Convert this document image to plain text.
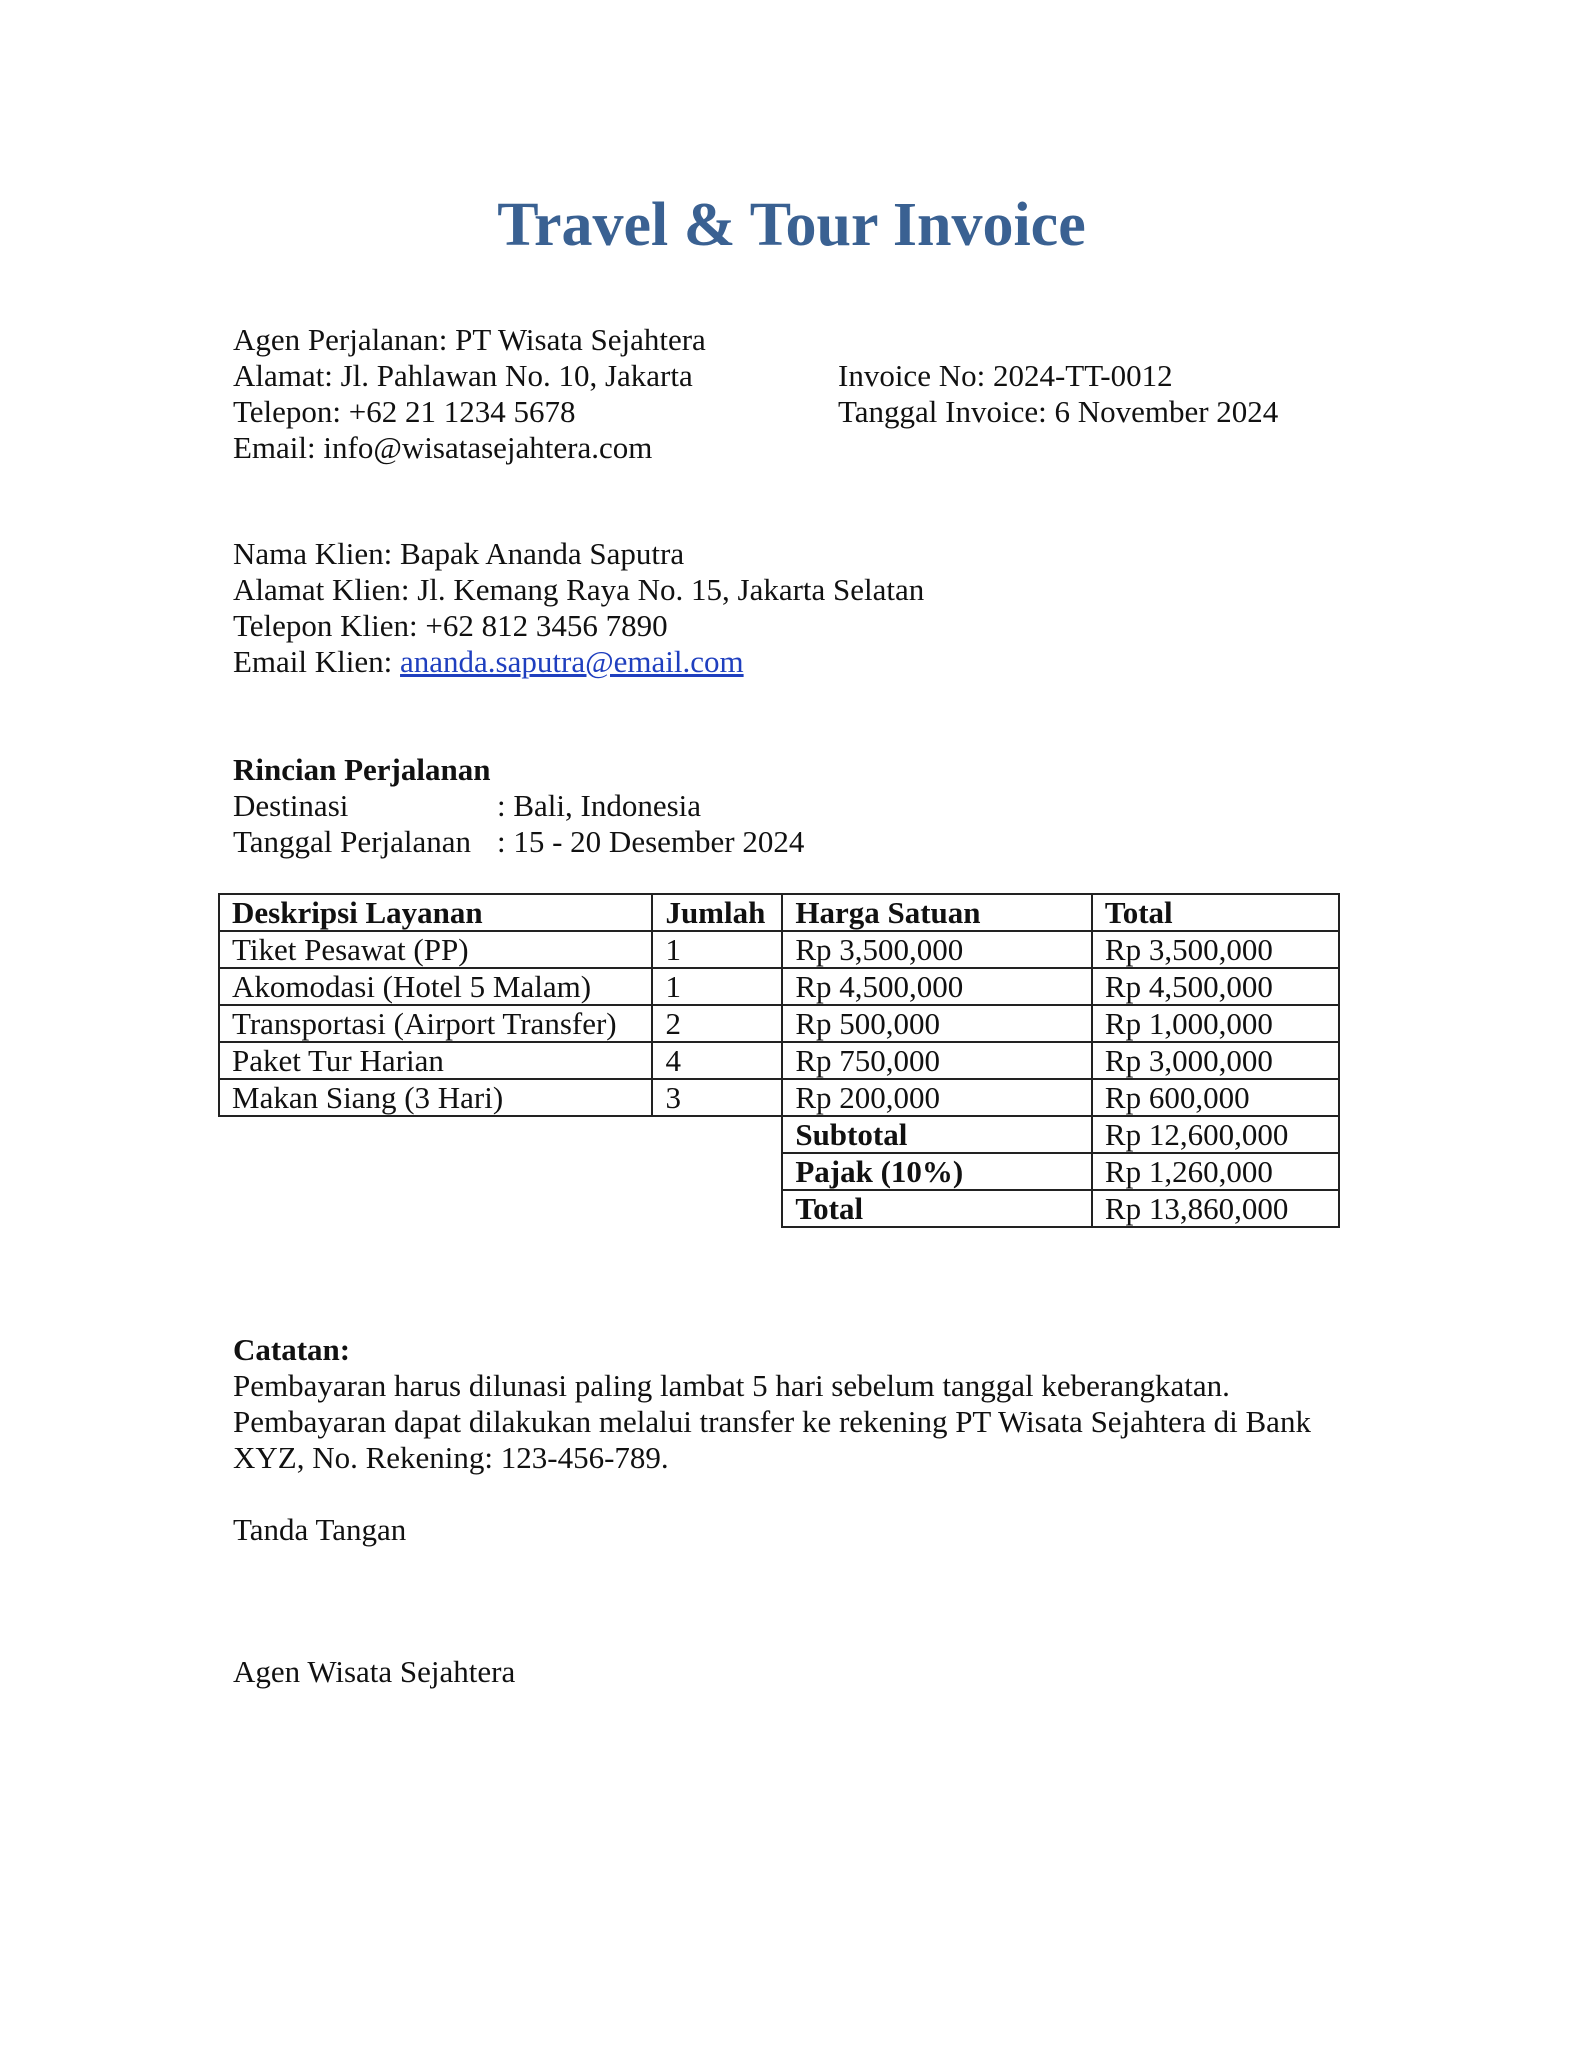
Travel & Tour Invoice
Agen Perjalanan: PT Wisata Sejahtera
Alamat: Jl. Pahlawan No. 10, Jakarta
Telepon: +62 21 1234 5678
Email: info@wisatasejahtera.com
Invoice No: 2024-TT-0012
Tanggal Invoice: 6 November 2024
Nama Klien: Bapak Ananda Saputra
Alamat Klien: Jl. Kemang Raya No. 15, Jakarta Selatan
Telepon Klien: +62 812 3456 7890
Email Klien: ananda.saputra@email.com
Rincian Perjalanan
Destinasi	: Bali, Indonesia
Tanggal Perjalanan : 15 - 20 Desember 2024
Deskripsi Layanan	Jumlah	Harga Satuan	Total
Tiket Pesawat (PP)	1	Rp 3,500,000	Rp 3,500,000
Akomodasi (Hotel 5 Malam)	1	Rp 4,500,000	Rp 4,500,000
Transportasi (Airport Transfer)	2	Rp 500,000	Rp 1,000,000
Paket Tur Harian	4	Rp 750,000	Rp 3,000,000
Makan Siang (3 Hari)	3	Rp 200,000	Rp 600,000
		Subtotal	Rp 12,600,000
		Pajak (10%)	Rp 1,260,000
		Total	Rp 13,860,000
Catatan:
Pembayaran harus dilunasi paling lambat 5 hari sebelum tanggal keberangkatan.
Pembayaran dapat dilakukan melalui transfer ke rekening PT Wisata Sejahtera di Bank
XYZ, No. Rekening: 123-456-789.
Tanda Tangan
Agen Wisata Sejahtera
